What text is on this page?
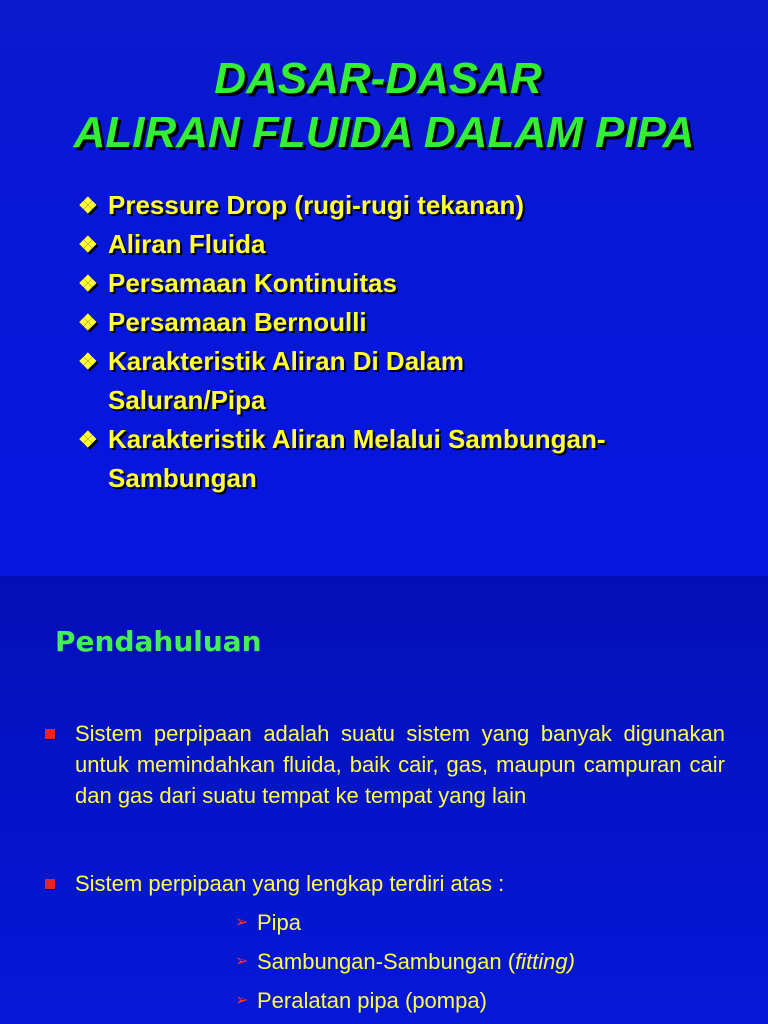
DASAR-DASAR
ALIRAN FLUIDA DALAM PIPA
❖ Pressure Drop (rugi-rugi tekanan)
❖ Aliran Fluida
❖ Persamaan Kontinuitas
❖ Persamaan Bernoulli
❖ Karakteristik Aliran Di Dalam
Saluran/Pipa
❖ Karakteristik Aliran Melalui Sambungan-
Sambungan
Pendahuluan
Sistem perpipaan adalah suatu sistem yang banyak digunakan untuk memindahkan fluida, baik cair, gas, maupun campuran cair dan gas dari suatu tempat ke tempat yang lain
Sistem perpipaan yang lengkap terdiri atas :
➢ Pipa
➢ Sambungan-Sambungan (fitting)
➢ Peralatan pipa (pompa)
